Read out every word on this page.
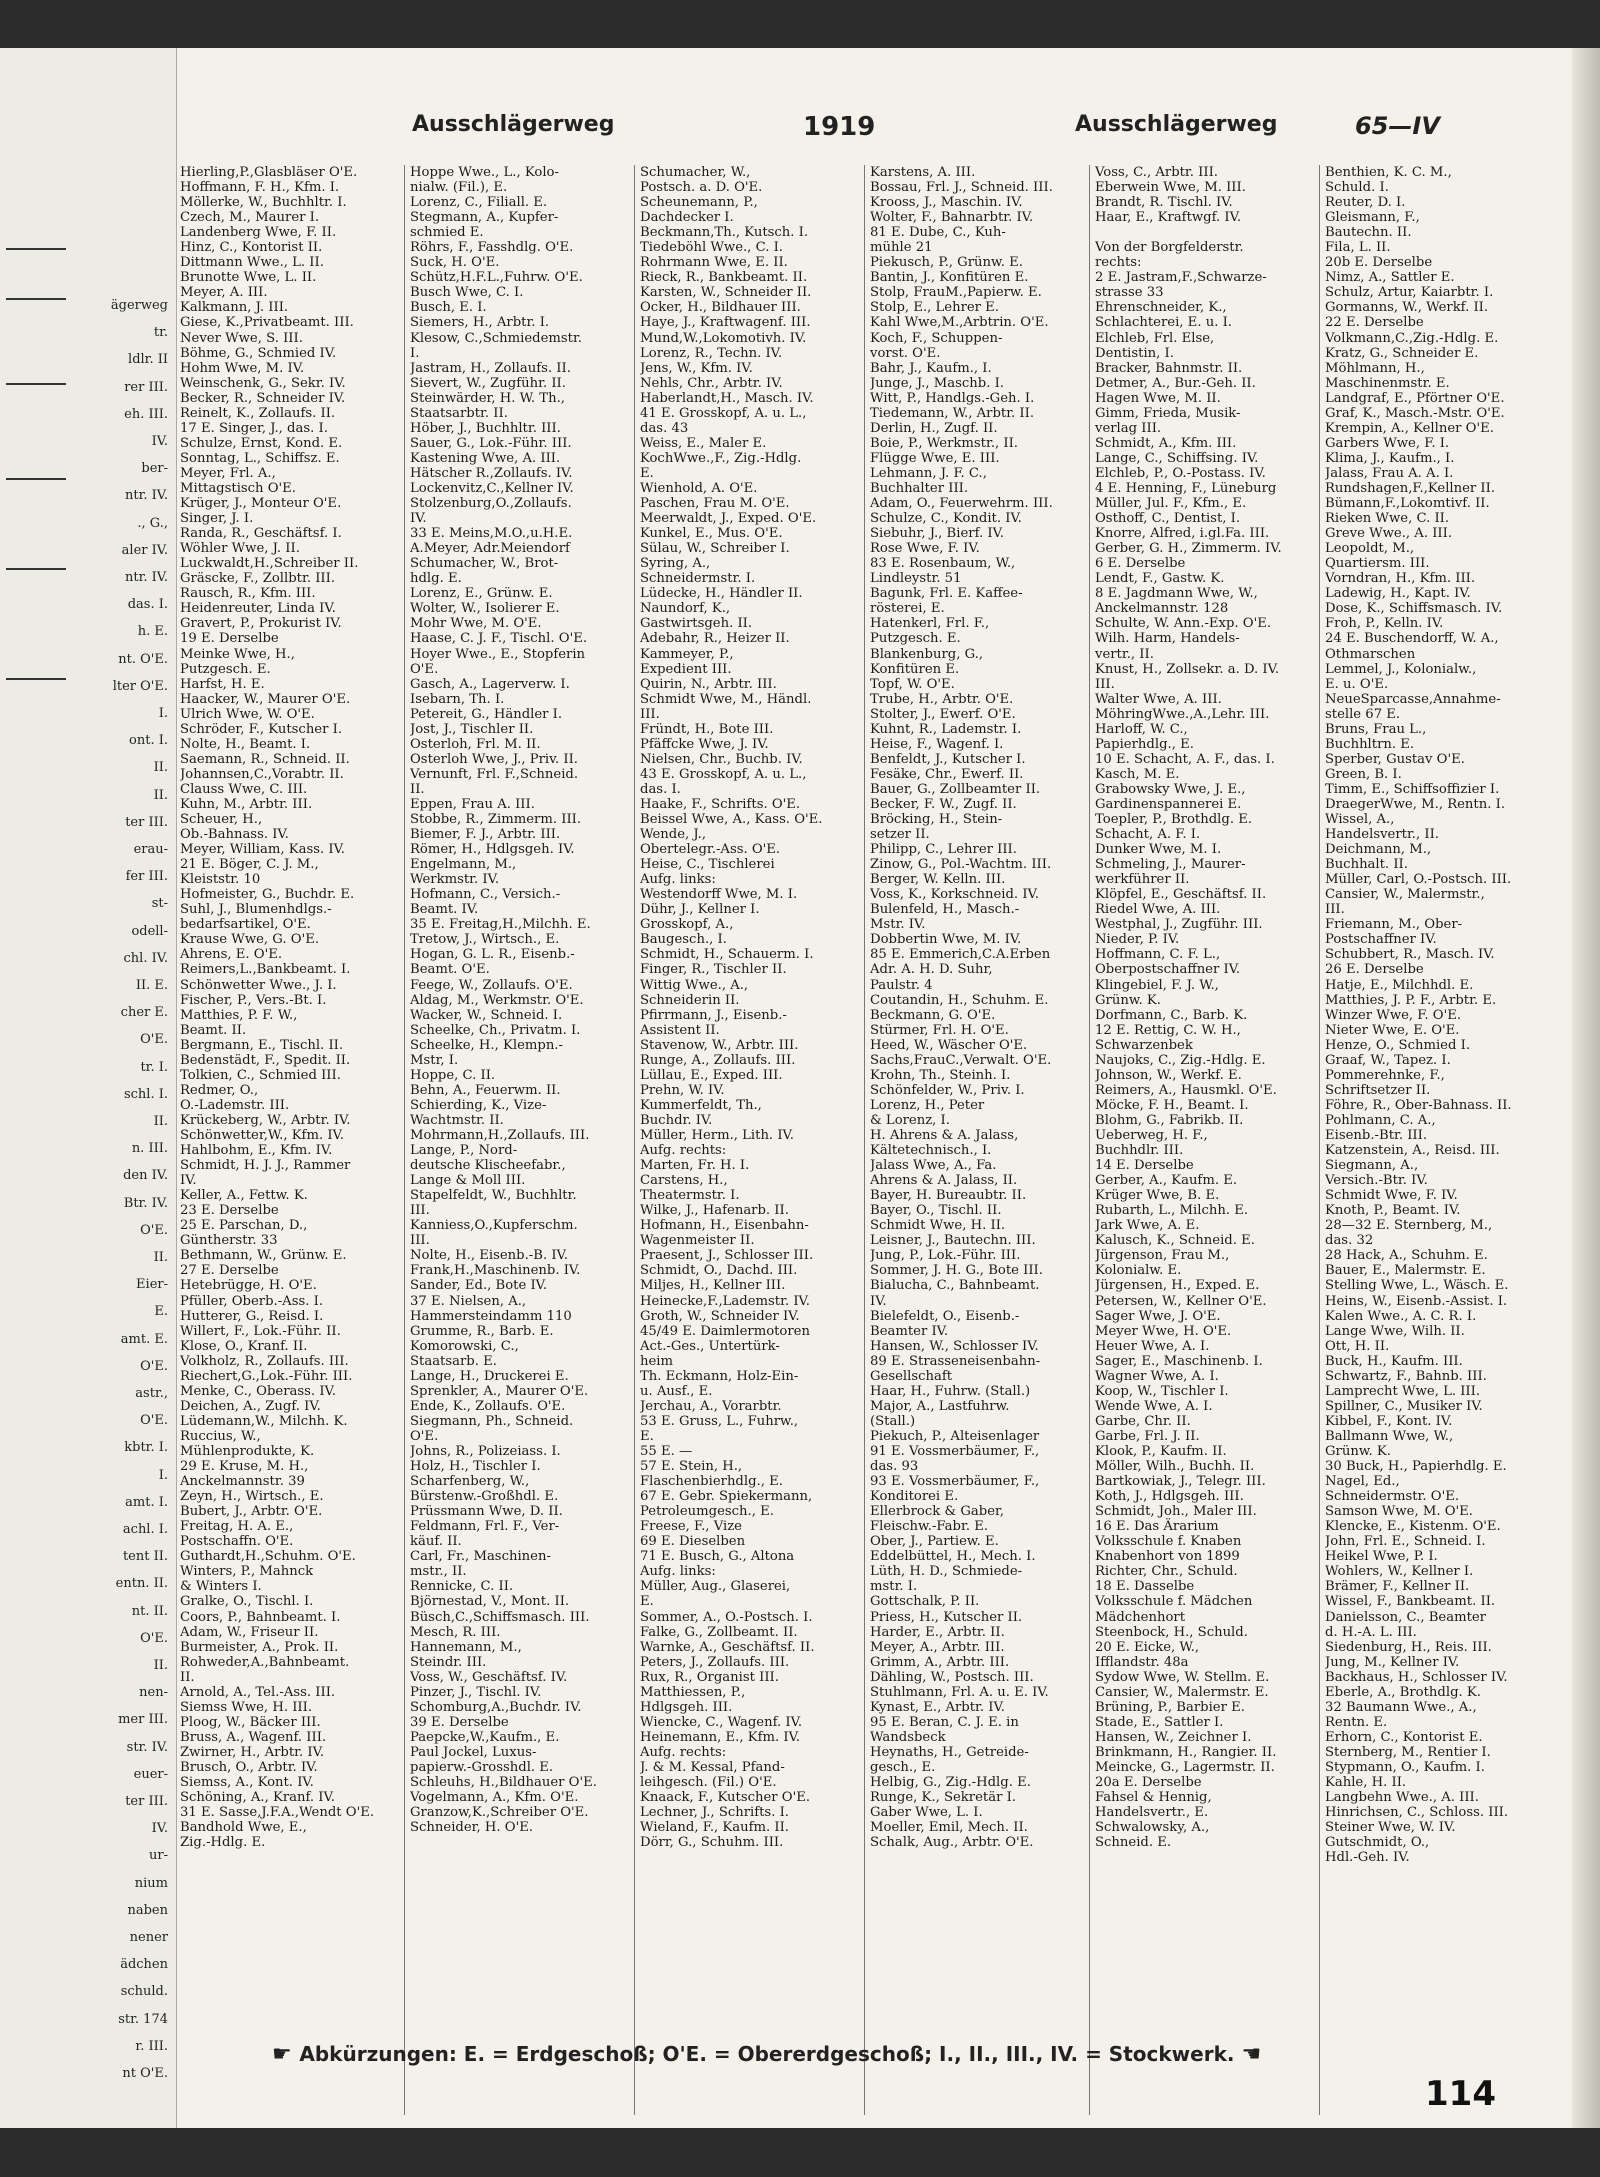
ägerweg
tr.
ldlr. II
rer III.
eh. III.
IV.
ber-
ntr. IV.
., G.,
aler IV.
ntr. IV.
das. I.
h. E.
nt. O'E.
lter O'E.
I.
ont. I.
II.
II.
ter III.
erau-
fer III.
st-
odell-
chl. IV.
II. E.
cher E.
O'E.
tr. I.
schl. I.
II.
n. III.
den IV.
Btr. IV.
O'E.
II.
Eier-
E.
amt. E.
O'E.
astr.,
O'E.
kbtr. I.
I.
amt. I.
achl. I.
tent II.
entn. II.
nt. II.
O'E.
II.
nen-
mer III.
str. IV.
euer-
ter III.
IV.
ur-
nium
naben
nener
ädchen
schuld.
str. 174
r. III.
nt O'E.
Ausschlägerweg	1919	Ausschlägerweg	65—IV
Hierling,P.,Glasbläser O'E.
Hoffmann, F. H., Kfm. I.
Möllerke, W., Buchhltr. I.
Czech, M., Maurer I.
Landenberg Wwe, F. II.
Hinz, C., Kontorist II.
Dittmann Wwe., L. II.
Brunotte Wwe, L. II.
Meyer, A. III.
Kalkmann, J. III.
Giese, K.,Privatbeamt. III.
Never Wwe, S. III.
Böhme, G., Schmied IV.
Hohm Wwe, M. IV.
Weinschenk, G., Sekr. IV.
Becker, R., Schneider IV.
Reinelt, K., Zollaufs. II.
17 E. Singer, J., das. I.
Schulze, Ernst, Kond. E.
Sonntag, L., Schiffsz. E.
Meyer, Frl. A.,
Mittagstisch O'E.
Krüger, J., Monteur O'E.
Singer, J. I.
Randa, R., Geschäftsf. I.
Wöhler Wwe, J. II.
Luckwaldt,H.,Schreiber II.
Gräscke, F., Zollbtr. III.
Rausch, R., Kfm. III.
Heidenreuter, Linda IV.
Gravert, P., Prokurist IV.
19 E. Derselbe
Meinke Wwe, H.,
Putzgesch. E.
Harfst, H. E.
Haacker, W., Maurer O'E.
Ulrich Wwe, W. O'E.
Schröder, F., Kutscher I.
Nolte, H., Beamt. I.
Saemann, R., Schneid. II.
Johannsen,C.,Vorabtr. II.
Clauss Wwe, C. III.
Kuhn, M., Arbtr. III.
Scheuer, H.,
Ob.-Bahnass. IV.
Meyer, William, Kass. IV.
21 E. Böger, C. J. M.,
Kleiststr. 10
Hofmeister, G., Buchdr. E.
Suhl, J., Blumenhdlgs.-
bedarfsartikel, O'E.
Krause Wwe, G. O'E.
Ahrens, E. O'E.
Reimers,L.,Bankbeamt. I.
Schönwetter Wwe., J. I.
Fischer, P., Vers.-Bt. I.
Matthies, P. F. W.,
Beamt. II.
Bergmann, E., Tischl. II.
Bedenstädt, F., Spedit. II.
Tolkien, C., Schmied III.
Redmer, O.,
O.-Lademstr. III.
Krückeberg, W., Arbtr. IV.
Schönwetter,W., Kfm. IV.
Hahlbohm, E., Kfm. IV.
Schmidt, H. J. J., Rammer
IV.
Keller, A., Fettw. K.
23 E. Derselbe
25 E. Parschan, D.,
Güntherstr. 33
Bethmann, W., Grünw. E.
27 E. Derselbe
Hetebrügge, H. O'E.
Pfüller, Oberb.-Ass. I.
Hutterer, G., Reisd. I.
Willert, F., Lok.-Führ. II.
Klose, O., Kranf. II.
Volkholz, R., Zollaufs. III.
Riechert,G.,Lok.-Führ. III.
Menke, C., Oberass. IV.
Deichen, A., Zugf. IV.
Lüdemann,W., Milchh. K.
Ruccius, W.,
Mühlenprodukte, K.
29 E. Kruse, M. H.,
Anckelmannstr. 39
Zeyn, H., Wirtsch., E.
Bubert, J., Arbtr. O'E.
Freitag, H. A. E.,
Postschaffn. O'E.
Guthardt,H.,Schuhm. O'E.
Winters, P., Mahnck
& Winters I.
Gralke, O., Tischl. I.
Coors, P., Bahnbeamt. I.
Adam, W., Friseur II.
Burmeister, A., Prok. II.
Rohweder,A.,Bahnbeamt.
II.
Arnold, A., Tel.-Ass. III.
Siemss Wwe, H. III.
Ploog, W., Bäcker III.
Bruss, A., Wagenf. III.
Zwirner, H., Arbtr. IV.
Brusch, O., Arbtr. IV.
Siemss, A., Kont. IV.
Schöning, A., Kranf. IV.
31 E. Sasse,J.F.A.,Wendt O'E.
Bandhold Wwe, E.,
Zig.-Hdlg. E.
Hoppe Wwe., L., Kolo-
nialw. (Fil.), E.
Lorenz, C., Filiall. E.
Stegmann, A., Kupfer-
schmied E.
Röhrs, F., Fasshdlg. O'E.
Suck, H. O'E.
Schütz,H.F.L.,Fuhrw. O'E.
Busch Wwe, C. I.
Busch, E. I.
Siemers, H., Arbtr. I.
Klesow, C.,Schmiedemstr.
I.
Jastram, H., Zollaufs. II.
Sievert, W., Zugführ. II.
Steinwärder, H. W. Th.,
Staatsarbtr. II.
Höber, J., Buchhltr. III.
Sauer, G., Lok.-Führ. III.
Kastening Wwe, A. III.
Hätscher R.,Zollaufs. IV.
Lockenvitz,C.,Kellner IV.
Stolzenburg,O.,Zollaufs.
IV.
33 E. Meins,M.O.,u.H.E.
A.Meyer, Adr.Meiendorf
Schumacher, W., Brot-
hdlg. E.
Lorenz, E., Grünw. E.
Wolter, W., Isolierer E.
Mohr Wwe, M. O'E.
Haase, C. J. F., Tischl. O'E.
Hoyer Wwe., E., Stopferin
O'E.
Gasch, A., Lagerverw. I.
Isebarn, Th. I.
Petereit, G., Händler I.
Jost, J., Tischler II.
Osterloh, Frl. M. II.
Osterloh Wwe, J., Priv. II.
Vernunft, Frl. F.,Schneid.
II.
Eppen, Frau A. III.
Stobbe, R., Zimmerm. III.
Biemer, F. J., Arbtr. III.
Römer, H., Hdlgsgeh. IV.
Engelmann, M.,
Werkmstr. IV.
Hofmann, C., Versich.-
Beamt. IV.
35 E. Freitag,H.,Milchh. E.
Tretow, J., Wirtsch., E.
Hogan, G. L. R., Eisenb.-
Beamt. O'E.
Feege, W., Zollaufs. O'E.
Aldag, M., Werkmstr. O'E.
Wacker, W., Schneid. I.
Scheelke, Ch., Privatm. I.
Scheelke, H., Klempn.-
Mstr, I.
Hoppe, C. II.
Behn, A., Feuerwm. II.
Schierding, K., Vize-
Wachtmstr. II.
Mohrmann,H.,Zollaufs. III.
Lange, P., Nord-
deutsche Klischeefabr.,
Lange & Moll III.
Stapelfeldt, W., Buchhltr.
III.
Kanniess,O.,Kupferschm.
III.
Nolte, H., Eisenb.-B. IV.
Frank,H.,Maschinenb. IV.
Sander, Ed., Bote IV.
37 E. Nielsen, A.,
Hammersteindamm 110
Grumme, R., Barb. E.
Komorowski, C.,
Staatsarb. E.
Lange, H., Druckerei E.
Sprenkler, A., Maurer O'E.
Ende, K., Zollaufs. O'E.
Siegmann, Ph., Schneid.
O'E.
Johns, R., Polizeiass. I.
Holz, H., Tischler I.
Scharfenberg, W.,
Bürstenw.-Großhdl. E.
Prüssmann Wwe, D. II.
Feldmann, Frl. F., Ver-
käuf. II.
Carl, Fr., Maschinen-
mstr., II.
Rennicke, C. II.
Björnestad, V., Mont. II.
Büsch,C.,Schiffsmasch. III.
Mesch, R. III.
Hannemann, M.,
Steindr. III.
Voss, W., Geschäftsf. IV.
Pinzer, J., Tischl. IV.
Schomburg,A.,Buchdr. IV.
39 E. Derselbe
Paepcke,W.,Kaufm., E.
Paul Jockel, Luxus-
papierw.-Grosshdl. E.
Schleuhs, H.,Bildhauer O'E.
Vogelmann, A., Kfm. O'E.
Granzow,K.,Schreiber O'E.
Schneider, H. O'E.
Schumacher, W.,
Postsch. a. D. O'E.
Scheunemann, P.,
Dachdecker I.
Beckmann,Th., Kutsch. I.
Tiedeböhl Wwe., C. I.
Rohrmann Wwe, E. II.
Rieck, R., Bankbeamt. II.
Karsten, W., Schneider II.
Ocker, H., Bildhauer III.
Haye, J., Kraftwagenf. III.
Mund,W.,Lokomotivh. IV.
Lorenz, R., Techn. IV.
Jens, W., Kfm. IV.
Nehls, Chr., Arbtr. IV.
Haberlandt,H., Masch. IV.
41 E. Grosskopf, A. u. L.,
das. 43
Weiss, E., Maler E.
KochWwe.,F., Zig.-Hdlg.
E.
Wienhold, A. O'E.
Paschen, Frau M. O'E.
Meerwaldt, J., Exped. O'E.
Kunkel, E., Mus. O'E.
Sülau, W., Schreiber I.
Syring, A.,
Schneidermstr. I.
Lüdecke, H., Händler II.
Naundorf, K.,
Gastwirtsgeh. II.
Adebahr, R., Heizer II.
Kammeyer, P.,
Expedient III.
Quirin, N., Arbtr. III.
Schmidt Wwe, M., Händl.
III.
Fründt, H., Bote III.
Pfäffcke Wwe, J. IV.
Nielsen, Chr., Buchb. IV.
43 E. Grosskopf, A. u. L.,
das. I.
Haake, F., Schrifts. O'E.
Beissel Wwe, A., Kass. O'E.
Wende, J.,
Obertelegr.-Ass. O'E.
Heise, C., Tischlerei
Aufg. links:
Westendorff Wwe, M. I.
Dühr, J., Kellner I.
Grosskopf, A.,
Baugesch., I.
Schmidt, H., Schauerm. I.
Finger, R., Tischler II.
Wittig Wwe., A.,
Schneiderin II.
Pfirrmann, J., Eisenb.-
Assistent II.
Stavenow, W., Arbtr. III.
Runge, A., Zollaufs. III.
Lüllau, E., Exped. III.
Prehn, W. IV.
Kummerfeldt, Th.,
Buchdr. IV.
Müller, Herm., Lith. IV.
Aufg. rechts:
Marten, Fr. H. I.
Carstens, H.,
Theatermstr. I.
Wilke, J., Hafenarb. II.
Hofmann, H., Eisenbahn-
Wagenmeister II.
Praesent, J., Schlosser III.
Schmidt, O., Dachd. III.
Miljes, H., Kellner III.
Heinecke,F.,Lademstr. IV.
Groth, W., Schneider IV.
45/49 E. Daimlermotoren
Act.-Ges., Untertürk-
heim
Th. Eckmann, Holz-Ein-
u. Ausf., E.
Jerchau, A., Vorarbtr.
53 E. Gruss, L., Fuhrw.,
E.
55 E. —
57 E. Stein, H.,
Flaschenbierhdlg., E.
67 E. Gebr. Spiekermann,
Petroleumgesch., E.
Freese, F., Vize
69 E. Dieselben
71 E. Busch, G., Altona
Aufg. links:
Müller, Aug., Glaserei,
E.
Sommer, A., O.-Postsch. I.
Falke, G., Zollbeamt. II.
Warnke, A., Geschäftsf. II.
Peters, J., Zollaufs. III.
Rux, R., Organist III.
Matthiessen, P.,
Hdlgsgeh. III.
Wiencke, C., Wagenf. IV.
Heinemann, E., Kfm. IV.
Aufg. rechts:
J. & M. Kessal, Pfand-
leihgesch. (Fil.) O'E.
Knaack, F., Kutscher O'E.
Lechner, J., Schrifts. I.
Wieland, F., Kaufm. II.
Dörr, G., Schuhm. III.
Karstens, A. III.
Bossau, Frl. J., Schneid. III.
Krooss, J., Maschin. IV.
Wolter, F., Bahnarbtr. IV.
81 E. Dube, C., Kuh-
mühle 21
Piekusch, P., Grünw. E.
Bantin, J., Konfitüren E.
Stolp, FrauM.,Papierw. E.
Stolp, E., Lehrer E.
Kahl Wwe,M.,Arbtrin. O'E.
Koch, F., Schuppen-
vorst. O'E.
Bahr, J., Kaufm., I.
Junge, J., Maschb. I.
Witt, P., Handlgs.-Geh. I.
Tiedemann, W., Arbtr. II.
Derlin, H., Zugf. II.
Boie, P., Werkmstr., II.
Flügge Wwe, E. III.
Lehmann, J. F. C.,
Buchhalter III.
Adam, O., Feuerwehrm. III.
Schulze, C., Kondit. IV.
Siebuhr, J., Bierf. IV.
Rose Wwe, F. IV.
83 E. Rosenbaum, W.,
Lindleystr. 51
Bagunk, Frl. E. Kaffee-
rösterei, E.
Hatenkerl, Frl. F.,
Putzgesch. E.
Blankenburg, G.,
Konfitüren E.
Topf, W. O'E.
Trube, H., Arbtr. O'E.
Stolter, J., Ewerf. O'E.
Kuhnt, R., Lademstr. I.
Heise, F., Wagenf. I.
Benfeldt, J., Kutscher I.
Fesäke, Chr., Ewerf. II.
Bauer, G., Zollbeamter II.
Becker, F. W., Zugf. II.
Bröcking, H., Stein-
setzer II.
Philipp, C., Lehrer III.
Zinow, G., Pol.-Wachtm. III.
Berger, W. Kelln. III.
Voss, K., Korkschneid. IV.
Bulenfeld, H., Masch.-
Mstr. IV.
Dobbertin Wwe, M. IV.
85 E. Emmerich,C.A.Erben
Adr. A. H. D. Suhr,
Paulstr. 4
Coutandin, H., Schuhm. E.
Beckmann, G. O'E.
Stürmer, Frl. H. O'E.
Heed, W., Wäscher O'E.
Sachs,FrauC.,Verwalt. O'E.
Krohn, Th., Steinh. I.
Schönfelder, W., Priv. I.
Lorenz, H., Peter
& Lorenz, I.
H. Ahrens & A. Jalass,
Kältetechnisch., I.
Jalass Wwe, A., Fa.
Ahrens & A. Jalass, II.
Bayer, H. Bureaubtr. II.
Bayer, O., Tischl. II.
Schmidt Wwe, H. II.
Leisner, J., Bautechn. III.
Jung, P., Lok.-Führ. III.
Sommer, J. H. G., Bote III.
Bialucha, C., Bahnbeamt.
IV.
Bielefeldt, O., Eisenb.-
Beamter IV.
Hansen, W., Schlosser IV.
89 E. Strasseneisenbahn-
Gesellschaft
Haar, H., Fuhrw. (Stall.)
Major, A., Lastfuhrw.
(Stall.)
Piekuch, P., Alteisenlager
91 E. Vossmerbäumer, F.,
das. 93
93 E. Vossmerbäumer, F.,
Konditorei E.
Ellerbrock & Gaber,
Fleischw.-Fabr. E.
Ober, J., Partiew. E.
Eddelbüttel, H., Mech. I.
Lüth, H. D., Schmiede-
mstr. I.
Gottschalk, P. II.
Priess, H., Kutscher II.
Harder, E., Arbtr. II.
Meyer, A., Arbtr. III.
Grimm, A., Arbtr. III.
Dähling, W., Postsch. III.
Stuhlmann, Frl. A. u. E. IV.
Kynast, E., Arbtr. IV.
95 E. Beran, C. J. E. in
Wandsbeck
Heynaths, H., Getreide-
gesch., E.
Helbig, G., Zig.-Hdlg. E.
Runge, K., Sekretär I.
Gaber Wwe, L. I.
Moeller, Emil, Mech. II.
Schalk, Aug., Arbtr. O'E.
Voss, C., Arbtr. III.
Eberwein Wwe, M. III.
Brandt, R. Tischl. IV.
Haar, E., Kraftwgf. IV.
Von der Borgfelderstr.
rechts:
2 E. Jastram,F.,Schwarze-
strasse 33
Ehrenschneider, K.,
Schlachterei, E. u. I.
Elchleb, Frl. Else,
Dentistin, I.
Bracker, Bahnmstr. II.
Detmer, A., Bur.-Geh. II.
Hagen Wwe, M. II.
Gimm, Frieda, Musik-
verlag III.
Schmidt, A., Kfm. III.
Lange, C., Schiffsing. IV.
Elchleb, P., O.-Postass. IV.
4 E. Henning, F., Lüneburg
Müller, Jul. F., Kfm., E.
Osthoff, C., Dentist, I.
Knorre, Alfred, i.gl.Fa. III.
Gerber, G. H., Zimmerm. IV.
6 E. Derselbe
Lendt, F., Gastw. K.
8 E. Jagdmann Wwe, W.,
Anckelmannstr. 128
Schulte, W. Ann.-Exp. O'E.
Wilh. Harm, Handels-
vertr., II.
Knust, H., Zollsekr. a. D. IV.
III.
Walter Wwe, A. III.
MöhringWwe.,A.,Lehr. III.
Harloff, W. C.,
Papierhdlg., E.
10 E. Schacht, A. F., das. I.
Kasch, M. E.
Grabowsky Wwe, J. E.,
Gardinenspannerei E.
Toepler, P., Brothdlg. E.
Schacht, A. F. I.
Dunker Wwe, M. I.
Schmeling, J., Maurer-
werkführer II.
Klöpfel, E., Geschäftsf. II.
Riedel Wwe, A. III.
Westphal, J., Zugführ. III.
Nieder, P. IV.
Hoffmann, C. F. L.,
Oberpostschaffner IV.
Klingebiel, F. J. W.,
Grünw. K.
Dorfmann, C., Barb. K.
12 E. Rettig, C. W. H.,
Schwarzenbek
Naujoks, C., Zig.-Hdlg. E.
Johnson, W., Werkf. E.
Reimers, A., Hausmkl. O'E.
Möcke, F. H., Beamt. I.
Blohm, G., Fabrikb. II.
Ueberweg, H. F.,
Buchhdlr. III.
14 E. Derselbe
Gerber, A., Kaufm. E.
Krüger Wwe, B. E.
Rubarth, L., Milchh. E.
Jark Wwe, A. E.
Kalusch, K., Schneid. E.
Jürgenson, Frau M.,
Kolonialw. E.
Jürgensen, H., Exped. E.
Petersen, W., Kellner O'E.
Sager Wwe, J. O'E.
Meyer Wwe, H. O'E.
Heuer Wwe, A. I.
Sager, E., Maschinenb. I.
Wagner Wwe, A. I.
Koop, W., Tischler I.
Wende Wwe, A. I.
Garbe, Chr. II.
Garbe, Frl. J. II.
Klook, P., Kaufm. II.
Möller, Wilh., Buchh. II.
Bartkowiak, J., Telegr. III.
Koth, J., Hdlgsgeh. III.
Schmidt, Joh., Maler III.
16 E. Das Ärarium
Volksschule f. Knaben
Knabenhort von 1899
Richter, Chr., Schuld.
18 E. Dasselbe
Volksschule f. Mädchen
Mädchenhort
Steenbock, H., Schuld.
20 E. Eicke, W.,
Ifflandstr. 48a
Sydow Wwe, W. Stellm. E.
Cansier, W., Malermstr. E.
Brüning, P., Barbier E.
Stade, E., Sattler I.
Hansen, W., Zeichner I.
Brinkmann, H., Rangier. II.
Meincke, G., Lagermstr. II.
20a E. Derselbe
Fahsel & Hennig,
Handelsvertr., E.
Schwalowsky, A.,
Schneid. E.
Benthien, K. C. M.,
Schuld. I.
Reuter, D. I.
Gleismann, F.,
Bautechn. II.
Fila, L. II.
20b E. Derselbe
Nimz, A., Sattler E.
Schulz, Artur, Kaiarbtr. I.
Gormanns, W., Werkf. II.
22 E. Derselbe
Volkmann,C.,Zig.-Hdlg. E.
Kratz, G., Schneider E.
Möhlmann, H.,
Maschinenmstr. E.
Landgraf, E., Pförtner O'E.
Graf, K., Masch.-Mstr. O'E.
Krempin, A., Kellner O'E.
Garbers Wwe, F. I.
Klima, J., Kaufm., I.
Jalass, Frau A. A. I.
Rundshagen,F.,Kellner II.
Bümann,F.,Lokomtivf. II.
Rieken Wwe, C. II.
Greve Wwe., A. III.
Leopoldt, M.,
Quartiersm. III.
Vorndran, H., Kfm. III.
Ladewig, H., Kapt. IV.
Dose, K., Schiffsmasch. IV.
Froh, P., Kelln. IV.
24 E. Buschendorff, W. A.,
Othmarschen
Lemmel, J., Kolonialw.,
E. u. O'E.
NeueSparcasse,Annahme-
stelle 67 E.
Bruns, Frau L.,
Buchhltrn. E.
Sperber, Gustav O'E.
Green, B. I.
Timm, E., Schiffsoffizier I.
DraegerWwe, M., Rentn. I.
Wissel, A.,
Handelsvertr., II.
Deichmann, M.,
Buchhalt. II.
Müller, Carl, O.-Postsch. III.
Cansier, W., Malermstr.,
III.
Friemann, M., Ober-
Postschaffner IV.
Schubbert, R., Masch. IV.
26 E. Derselbe
Hatje, E., Milchhdl. E.
Matthies, J. P. F., Arbtr. E.
Winzer Wwe, F. O'E.
Nieter Wwe, E. O'E.
Henze, O., Schmied I.
Graaf, W., Tapez. I.
Pommerehnke, F.,
Schriftsetzer II.
Föhre, R., Ober-Bahnass. II.
Pohlmann, C. A.,
Eisenb.-Btr. III.
Katzenstein, A., Reisd. III.
Siegmann, A.,
Versich.-Btr. IV.
Schmidt Wwe, F. IV.
Knoth, P., Beamt. IV.
28—32 E. Sternberg, M.,
das. 32
28 Hack, A., Schuhm. E.
Bauer, E., Malermstr. E.
Stelling Wwe, L., Wäsch. E.
Heins, W., Eisenb.-Assist. I.
Kalen Wwe., A. C. R. I.
Lange Wwe, Wilh. II.
Ott, H. II.
Buck, H., Kaufm. III.
Schwartz, F., Bahnb. III.
Lamprecht Wwe, L. III.
Spillner, C., Musiker IV.
Kibbel, F., Kont. IV.
Ballmann Wwe, W.,
Grünw. K.
30 Buck, H., Papierhdlg. E.
Nagel, Ed.,
Schneidermstr. O'E.
Samson Wwe, M. O'E.
Klencke, E., Kistenm. O'E.
John, Frl. E., Schneid. I.
Heikel Wwe, P. I.
Wohlers, W., Kellner I.
Brämer, F., Kellner II.
Wissel, F., Bankbeamt. II.
Danielsson, C., Beamter
d. H.-A. L. III.
Siedenburg, H., Reis. III.
Jung, M., Kellner IV.
Backhaus, H., Schlosser IV.
Eberle, A., Brothdlg. K.
32 Baumann Wwe., A.,
Rentn. E.
Erhorn, C., Kontorist E.
Sternberg, M., Rentier I.
Stypmann, O., Kaufm. I.
Kahle, H. II.
Langbehn Wwe., A. III.
Hinrichsen, C., Schloss. III.
Steiner Wwe, W. IV.
Gutschmidt, O.,
Hdl.-Geh. IV.
☛ Abkürzungen: E. = Erdgeschoß; O'E. = Obererdgeschoß; I., II., III., IV. = Stockwerk. ☚
114
